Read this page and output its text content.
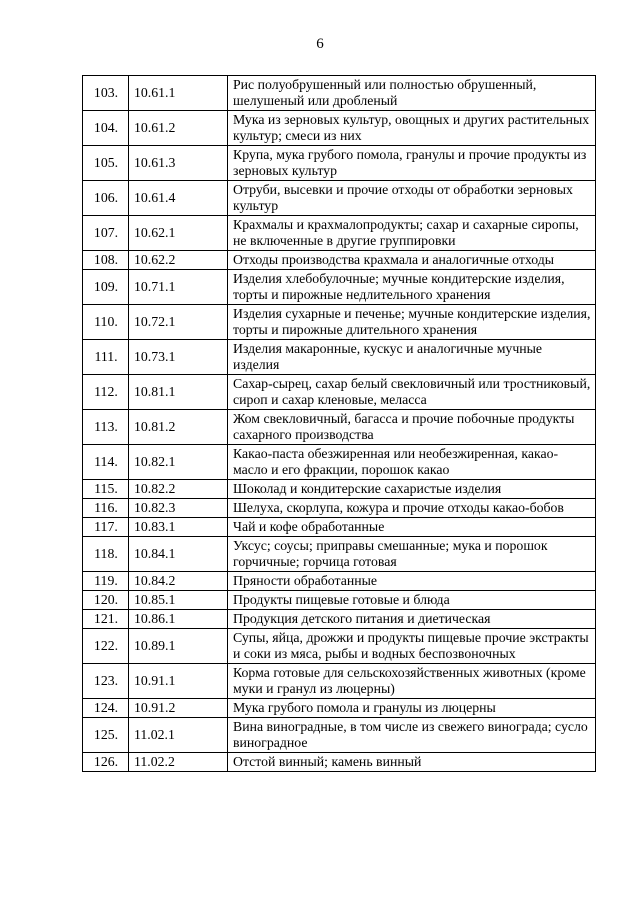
6
103.	10.61.1	Рис полуобрушенный или полностью обрушенный, шелушеный или дробленый
104.	10.61.2	Мука из зерновых культур, овощных и других растительных культур; смеси из них
105.	10.61.3	Крупа, мука грубого помола, гранулы и прочие продукты из зерновых культур
106.	10.61.4	Отруби, высевки и прочие отходы от обработки зерновых культур
107.	10.62.1	Крахмалы и крахмалопродукты; сахар и сахарные сиропы, не включенные в другие группировки
108.	10.62.2	Отходы производства крахмала и аналогичные отходы
109.	10.71.1	Изделия хлебобулочные; мучные кондитерские изделия, торты и пирожные недлительного хранения
110.	10.72.1	Изделия сухарные и печенье; мучные кондитерские изделия, торты и пирожные длительного хранения
111.	10.73.1	Изделия макаронные, кускус и аналогичные мучные изделия
112.	10.81.1	Сахар-сырец, сахар белый свекловичный или тростниковый, сироп и сахар кленовые, меласса
113.	10.81.2	Жом свекловичный, багасса и прочие побочные продукты сахарного производства
114.	10.82.1	Какао-паста обезжиренная или необезжиренная, какао-масло и его фракции, порошок какао
115.	10.82.2	Шоколад и кондитерские сахаристые изделия
116.	10.82.3	Шелуха, скорлупа, кожура и прочие отходы какао-бобов
117.	10.83.1	Чай и кофе обработанные
118.	10.84.1	Уксус; соусы; приправы смешанные; мука и порошок горчичные; горчица готовая
119.	10.84.2	Пряности обработанные
120.	10.85.1	Продукты пищевые готовые и блюда
121.	10.86.1	Продукция детского питания и диетическая
122.	10.89.1	Супы, яйца, дрожжи и продукты пищевые прочие экстракты и соки из мяса, рыбы и водных беспозвоночных
123.	10.91.1	Корма готовые для сельскохозяйственных животных (кроме муки и гранул из люцерны)
124.	10.91.2	Мука грубого помола и гранулы из люцерны
125.	11.02.1	Вина виноградные, в том числе из свежего винограда; сусло виноградное
126.	11.02.2	Отстой винный; камень винный
